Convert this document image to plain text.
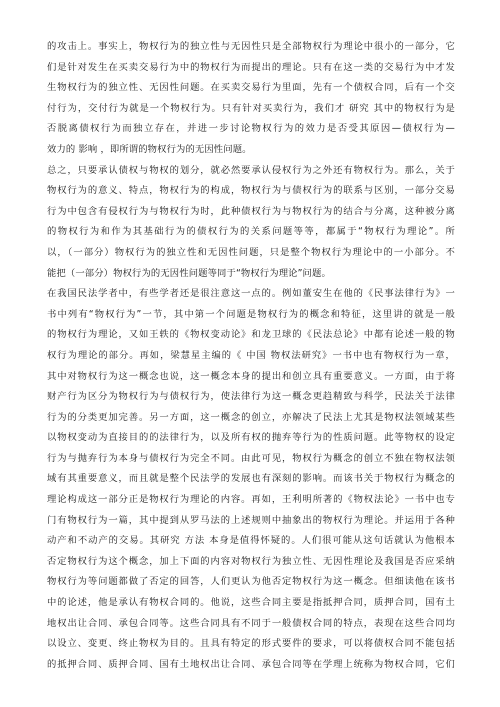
的攻击上。事实上，物权行为的独立性与无因性只是全部物权行为理论中很小的一部分，它
们是针对发生在买卖交易行为中的物权行为而提出的理论。只有在这一类的交易行为中才发
生物权行为的独立性、无因性问题。在买卖交易行为里面，先有一个债权合同，后有一个交
付行为，交付行为就是一个物权行为。只有针对买卖行为，我们才 研究 其中的物权行为是
否脱离债权行为而独立存在，并进一步讨论物权行为的效力是否受其原因—债权行为—
效力的 影响 ，即所谓的物权行为的无因性问题。
总之，只要承认债权与物权的划分，就必然要承认侵权行为之外还有物权行为。那么，关于
物权行为的意义、特点，物权行为的构成，物权行为与债权行为的联系与区别，一部分交易
行为中包含有侵权行为与物权行为时，此种债权行为与物权行为的结合与分离，这种被分离
的物权行为和作为其基础行为的债权行为的关系问题等等，都属于“物权行为理论”。所
以，（一部分）物权行为的独立性和无因性问题，只是整个物权行为理论中的一小部分。不
能把（一部分）物权行为的无因性问题等同于“物权行为理论”问题。
在我国民法学者中，有些学者还是很注意这一点的。例如董安生在他的《民事法律行为》一
书中列有“物权行为”一节，其中第一个问题是物权行为的概念和特征，这里讲的就是一般
的物权行为理论，又如王轶的《物权变动论》和龙卫球的《民法总论》中都有论述一般的物
权行为理论的部分。再如，梁慧星主编的《 中国 物权法研究》一书中也有物权行为一章，
其中对物权行为这一概念也说，这一概念本身的提出和创立具有重要意义。一方面，由于将
财产行为区分为物权行为与债权行为，使法律行为这一概念更趋精致与科学，民法关于法律
行为的分类更加完善。另一方面，这一概念的创立，亦解决了民法上尤其是物权法领域某些
以物权变动为直接目的的法律行为，以及所有权的抛弃等行为的性质问题。此等物权的设定
行为与抛弃行为本身与债权行为完全不同。由此可见，物权行为概念的创立不独在物权法领
域有其重要意义，而且就是整个民法学的发展也有深刻的影响。而该书关于物权行为概念的
理论构成这一部分正是物权行为理论的内容。再如，王利明所著的《物权法论》一书中也专
门有物权行为一篇，其中提到从罗马法的上述规则中抽象出的物权行为理论。并运用于各种
动产和不动产的交易。其研究 方法 本身是值得怀疑的。人们很可能从这句话就认为他根本
否定物权行为这个概念，加上下面的内容对物权行为独立性、无因性理论及我国是否应采纳
物权行为等问题都做了否定的回答，人们更认为他否定物权行为这一概念。但细读他在该书
中的论述，他是承认有物权合同的。他说，这些合同主要是指抵押合同，质押合同，国有土
地权出让合同、承包合同等。这些合同具有不同于一般债权合同的特点，表现在这些合同均
以设立、变更、终止物权为目的。且具有特定的形式要件的要求，可以将债权合同不能包括
的抵押合同、质押合同、国有土地权出让合同、承包合同等在学理上统称为物权合同，它们
